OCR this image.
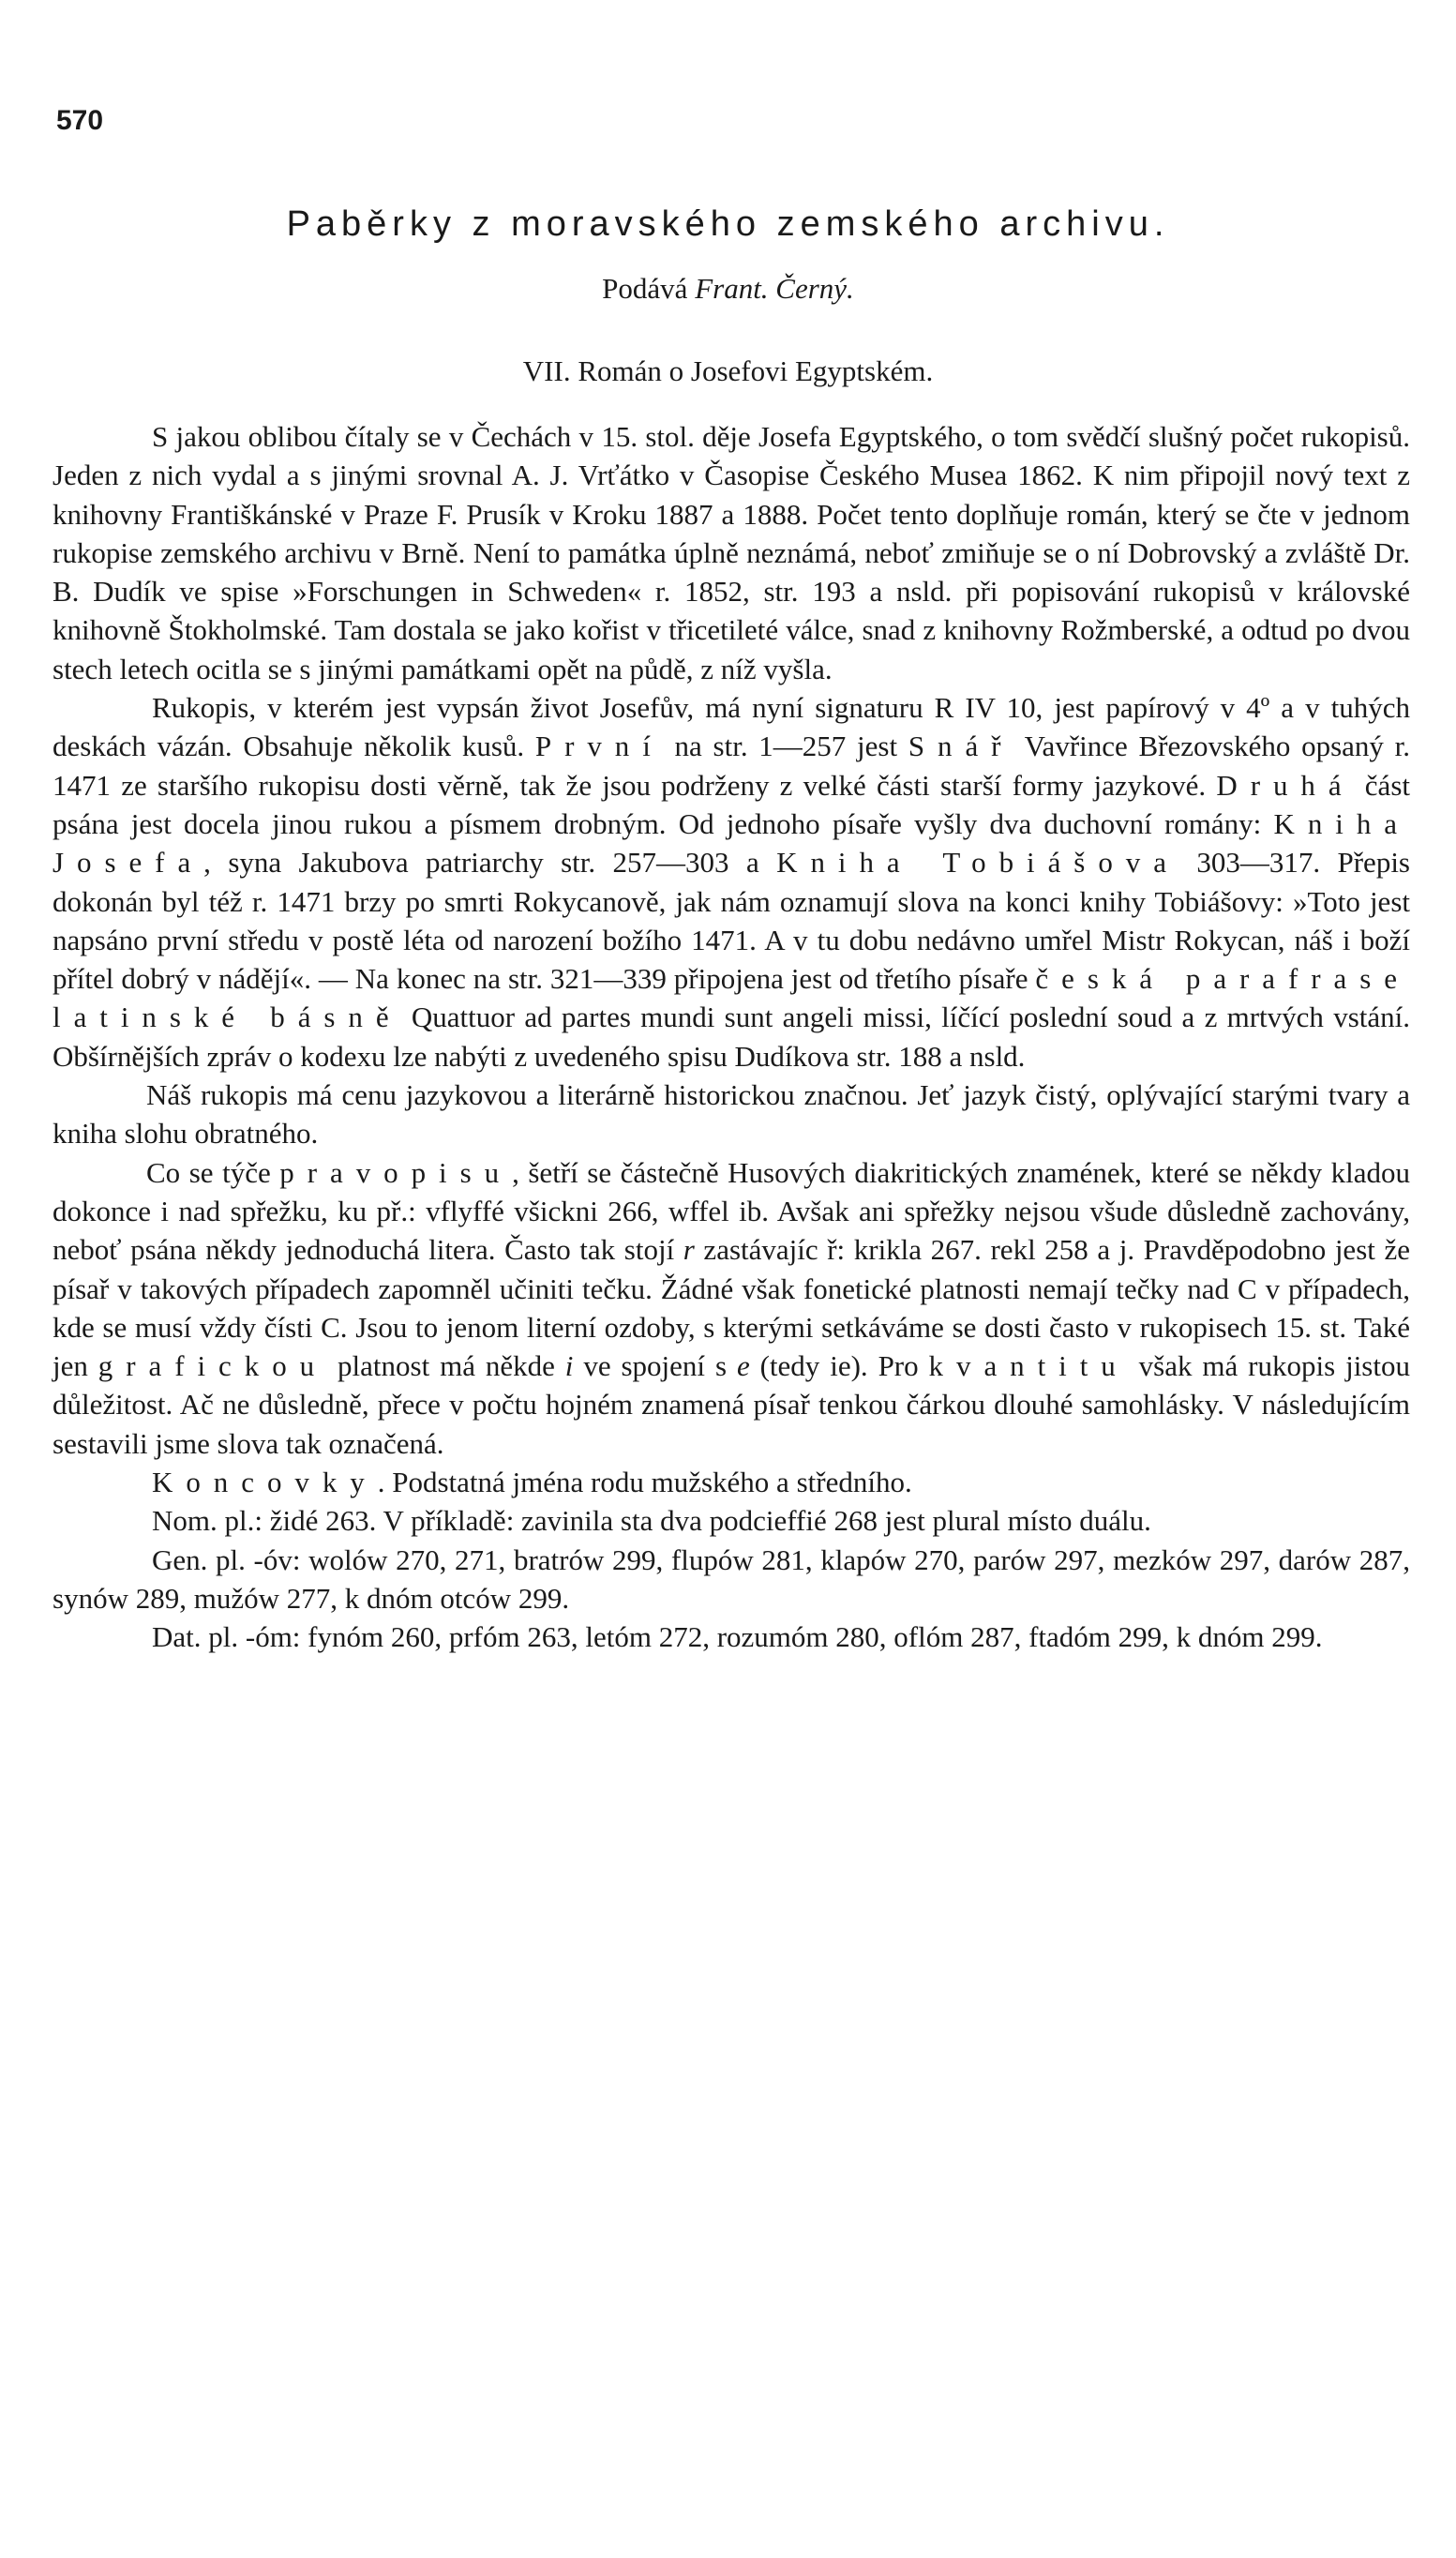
570
Paběrky z moravského zemského archivu.
Podává Frant. Černý.
VII. Román o Josefovi Egyptském.

S jakou oblibou čítaly se v Čechách v 15. stol. děje Josefa Egyptského, o tom svědčí slušný počet rukopisů. Jeden z nich vydal a s jinými srovnal A. J. Vrťátko v Časopise Českého Musea 1862. K nim připojil nový text z knihovny Františkánské v Praze F. Prusík v Kroku 1887 a 1888. Počet tento doplňuje román, který se čte v jednom rukopise zemského archivu v Brně. Není to památka úplně neznámá, neboť zmiňuje se o ní Dobrovský a zvláště Dr. B. Dudík ve spise »Forschungen in Schweden« r. 1852, str. 193 a nsld. při popisování rukopisů v královské knihovně Štokholmské. Tam dostala se jako kořist v třicetileté válce, snad z knihovny Rožmberské, a odtud po dvou stech letech ocitla se s jinými památkami opět na půdě, z níž vyšla.

Rukopis, v kterém jest vypsán život Josefův, má nyní signaturu R IV 10, jest papírový v 4º a v tuhých deskách vázán. Obsahuje několik kusů. První na str. 1—257 jest Snář Vavřince Březovského opsaný r. 1471 ze staršího rukopisu dosti věrně, tak že jsou podrženy z velké části starší formy jazykové. Druhá část psána jest docela jinou rukou a písmem drobným. Od jednoho písaře vyšly dva duchovní romány: Kniha Josefa, syna Jakubova patriarchy str. 257—303 a Kniha Tobiášova 303—317. Přepis dokonán byl též r. 1471 brzy po smrti Rokycanově, jak nám oznamují slova na konci knihy Tobiášovy: »Toto jest napsáno první středu v postě léta od narození božího 1471. A v tu dobu nedávno umřel Mistr Rokycan, náš i boží přítel dobrý v nádějí«. — Na konec na str. 321—339 připojena jest od třetího písaře česká parafrase latinské básně Quattuor ad partes mundi sunt angeli missi, líčící poslední soud a z mrtvých vstání. Obšírnějších zpráv o kodexu lze nabýti z uvedeného spisu Dudíkova str. 188 a nsld.

Náš rukopis má cenu jazykovou a literárně historickou značnou. Jeť jazyk čistý, oplývající starými tvary a kniha slohu obratného.

Co se týče pravopisu, šetří se částečně Husových diakritických znamének, které se někdy kladou dokonce i nad spřežku, ku př.: vflyffé všickni 266, wffel ib. Avšak ani spřežky nejsou všude důsledně zachovány, neboť psána někdy jednoduchá litera. Často tak stojí r zastávajíc ř: krikla 267. rekl 258 a j. Pravděpodobno jest že písař v takových případech zapomněl učiniti tečku. Žádné však fonetické platnosti nemají tečky nad C v případech, kde se musí vždy čísti C. Jsou to jenom literní ozdoby, s kterými setkáváme se dosti často v rukopisech 15. st. Také jen grafickou platnost má někde i ve spojení s e (tedy ie). Pro kvantitu však má rukopis jistou důležitost. Ač ne důsledně, přece v počtu hojném znamená písař tenkou čárkou dlouhé samohlásky. V následujícím sestavili jsme slova tak označená.

Koncovky. Podstatná jména rodu mužského a středního.

Nom. pl.: židé 263. V příkladě: zavinila sta dva podcieffié 268 jest plural místo duálu.

Gen. pl. -óv: wolów 270, 271, bratrów 299, flupów 281, klapów 270, parów 297, mezków 297, darów 287, synów 289, mužów 277, k dnóm otców 299.

Dat. pl. -óm: fynóm 260, prfóm 263, letóm 272, rozumóm 280, oflóm 287, ftadóm 299, k dnóm 299.
